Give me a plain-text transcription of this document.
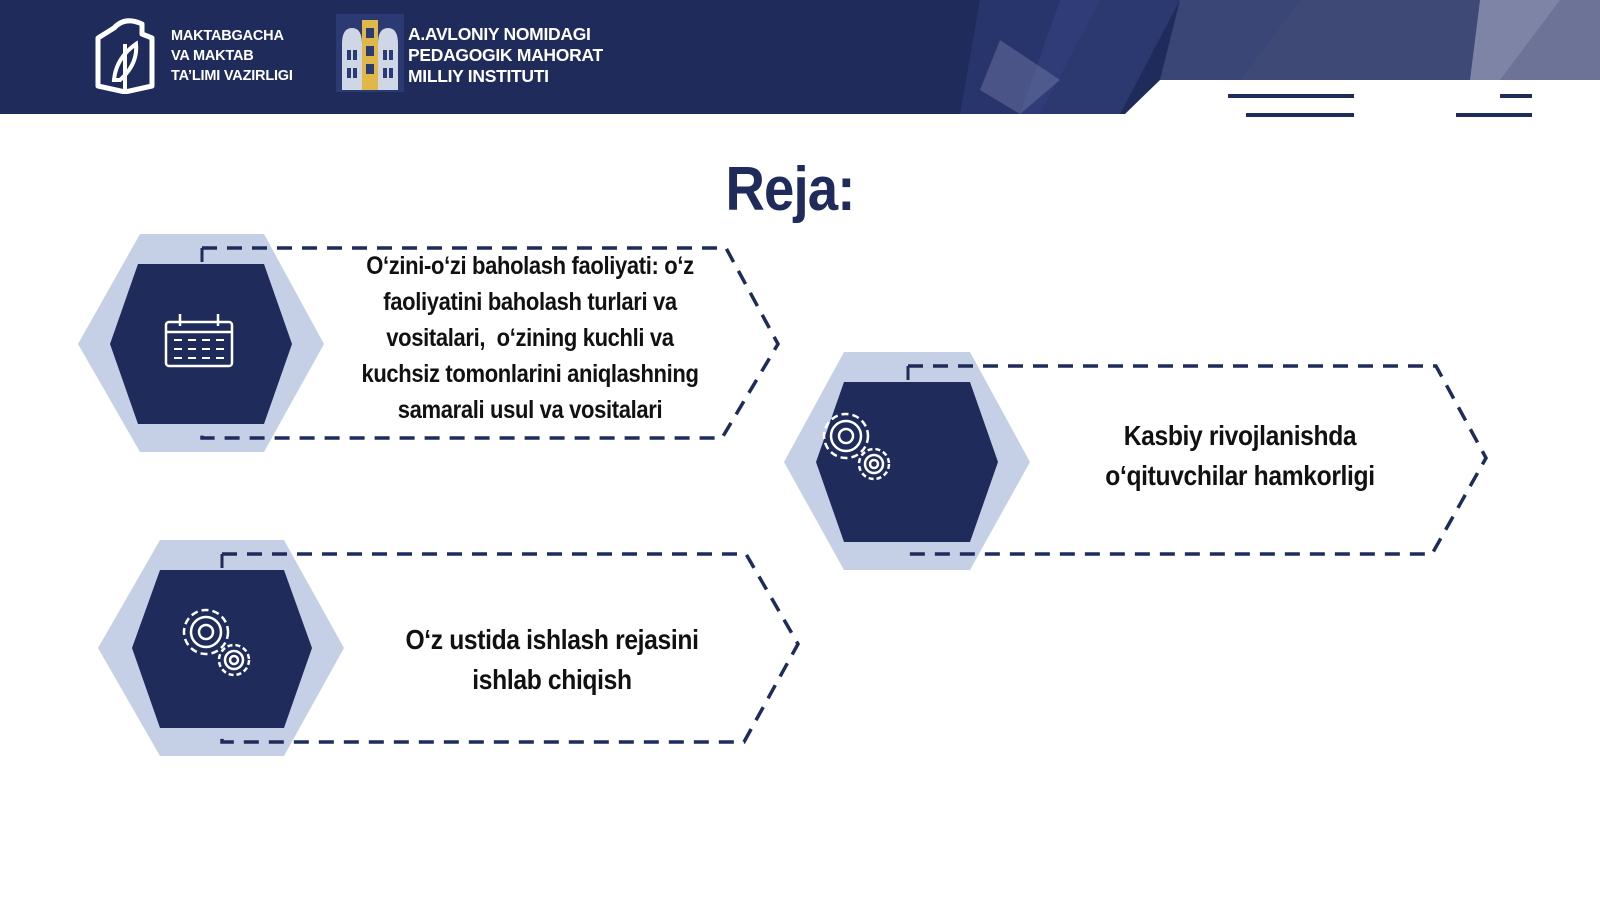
MAKTABGACHA
VA MAKTAB
TA’LIMI VAZIRLIGI
A.AVLONIY NOMIDAGI
PEDAGOGIK MAHORAT
MILLIY INSTITUTI
Reja:
O‘zini-o‘zi baholash faoliyati: o‘z
faoliyatini baholash turlari va
vositalari,  o‘zining kuchli va
kuchsiz tomonlarini aniqlashning
samarali usul va vositalari
Kasbiy rivojlanishda
o‘qituvchilar hamkorligi
O‘z ustida ishlash rejasini
ishlab chiqish
